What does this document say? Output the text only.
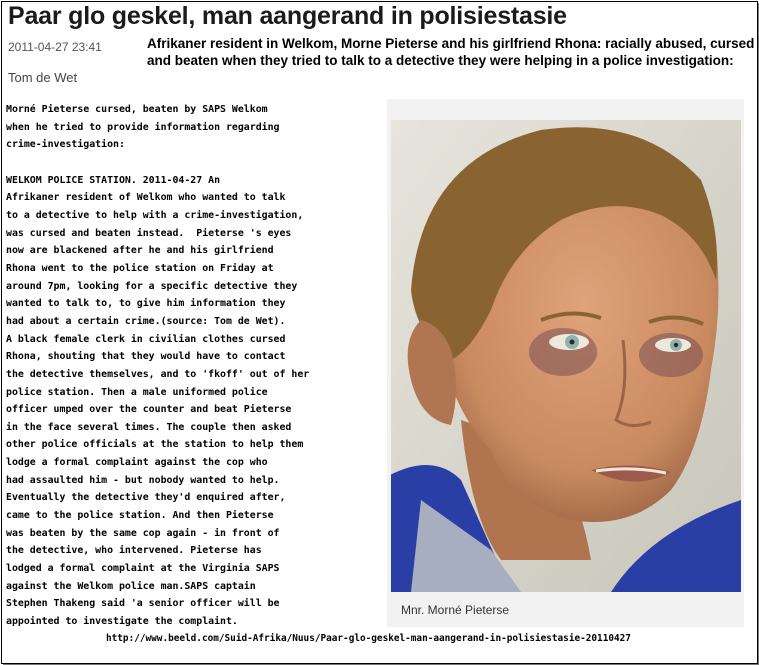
Paar glo geskel, man aangerand in polisiestasie
2011-04-27 23:41
Tom de Wet

Afrikaner resident in Welkom, Morne Pieterse and his girlfriend Rhona: racially abused, cursed and beaten when they tried to talk to a detective they were helping in a police investigation:

Morné Pieterse cursed, beaten by SAPS Welkom
when he tried to provide information regarding
crime-investigation:

WELKOM POLICE STATION. 2011-04-27 An
Afrikaner resident of Welkom who wanted to talk
to a detective to help with a crime-investigation,
was cursed and beaten instead.  Pieterse 's eyes
now are blackened after he and his girlfriend
Rhona went to the police station on Friday at
around 7pm, looking for a specific detective they
wanted to talk to, to give him information they
had about a certain crime.(source: Tom de Wet).
A black female clerk in civilian clothes cursed
Rhona, shouting that they would have to contact
the detective themselves, and to 'fkoff' out of her
police station. Then a male uniformed police
officer umped over the counter and beat Pieterse
in the face several times. The couple then asked
other police officials at the station to help them
lodge a formal complaint against the cop who
had assaulted him - but nobody wanted to help.
Eventually the detective they'd enquired after,
came to the police station. And then Pieterse
was beaten by the same cop again - in front of
the detective, who intervened. Pieterse has
lodged a formal complaint at the Virginia SAPS
against the Welkom police man.SAPS captain
Stephen Thakeng said 'a senior officer will be
appointed to investigate the complaint.

Mnr. Morné Pieterse

http://www.beeld.com/Suid-Afrika/Nuus/Paar-glo-geskel-man-aangerand-in-polisiestasie-20110427
